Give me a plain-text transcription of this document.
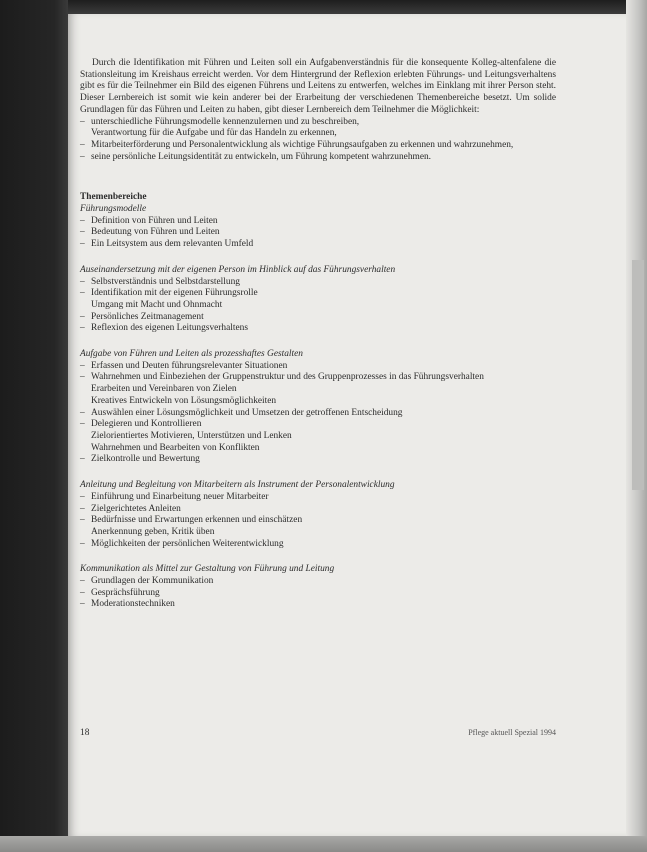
Durch die Identifikation mit Führen und Leiten soll ein Aufgabenverständnis für die konsequente Kolleg-altenfalene die Stationsleitung im Kreishaus erreicht werden. Vor dem Hintergrund der Reflexion erlebten Führungs- und Leitungsverhaltens gibt es für die Teilnehmer ein Bild des eigenen Führens und Leitens zu entwerfen, welches im Einklang mit ihrer Person steht. Dieser Lernbereich ist somit wie kein anderer bei der Erarbeitung der verschiedenen Themenbereiche besetzt. Um solide Grundlagen für das Führen und Leiten zu haben, gibt dieser Lernbereich dem Teilnehmer die Möglichkeit:

– unterschiedliche Führungsmodelle kennenzulernen und zu beschreiben,
Verantwortung für die Aufgabe und für das Handeln zu erkennen,
– Mitarbeiterförderung und Personalentwicklung als wichtige Führungsaufgaben zu erkennen und wahrzunehmen,
– seine persönliche Leitungsidentität zu entwickeln, um Führung kompetent wahrzunehmen.
Themenbereiche
Führungsmodelle
– Definition von Führen und Leiten
– Bedeutung von Führen und Leiten
– Ein Leitsystem aus dem relevanten Umfeld
Auseinandersetzung mit der eigenen Person im Hinblick auf das Führungsverhalten
– Selbstverständnis und Selbstdarstellung
– Identifikation mit der eigenen Führungsrolle
Umgang mit Macht und Ohnmacht
– Persönliches Zeitmanagement
– Reflexion des eigenen Leitungsverhaltens
Aufgabe von Führen und Leiten als prozesshaftes Gestalten
– Erfassen und Deuten führungsrelevanter Situationen
– Wahrnehmen und Einbeziehen der Gruppenstruktur und des Gruppenprozesses in das Führungsverhalten
Erarbeiten und Vereinbaren von Zielen
Kreatives Entwickeln von Lösungsmöglichkeiten
– Auswählen einer Lösungsmöglichkeit und Umsetzen der getroffenen Entscheidung
– Delegieren und Kontrollieren
Zielorientiertes Motivieren, Unterstützen und Lenken
Wahrnehmen und Bearbeiten von Konflikten
– Zielkontrolle und Bewertung
Anleitung und Begleitung von Mitarbeitern als Instrument der Personalentwicklung
– Einführung und Einarbeitung neuer Mitarbeiter
– Zielgerichtetes Anleiten
– Bedürfnisse und Erwartungen erkennen und einschätzen
Anerkennung geben, Kritik üben
– Möglichkeiten der persönlichen Weiterentwicklung
Kommunikation als Mittel zur Gestaltung von Führung und Leitung
– Grundlagen der Kommunikation
– Gesprächsführung
– Moderationstechniken
18	Pflege aktuell Spezial 1994
